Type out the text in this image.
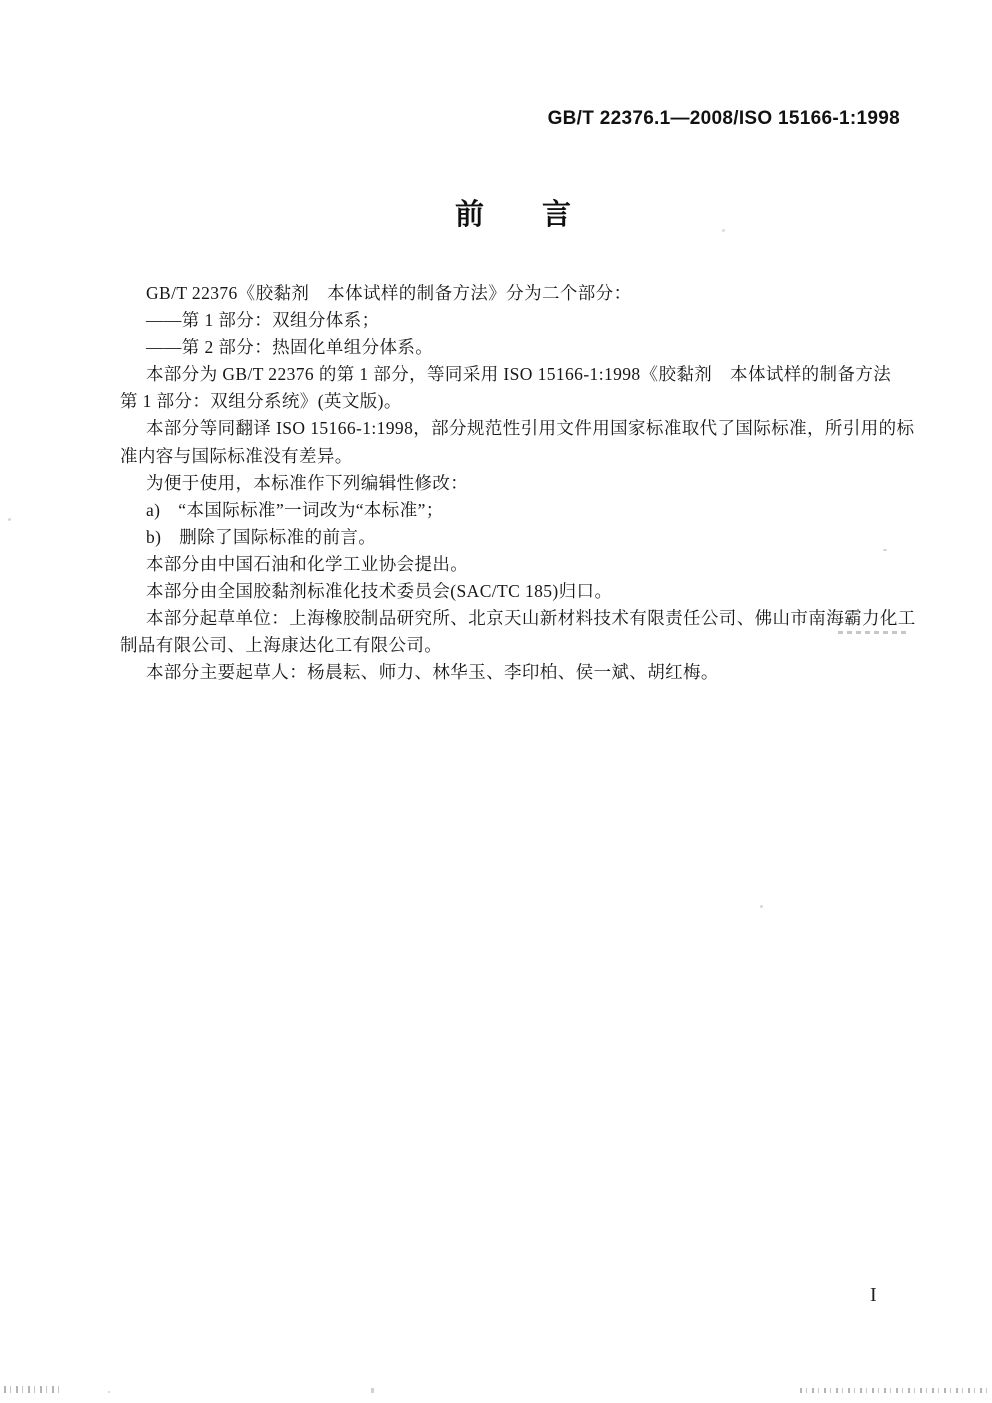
GB/T 22376.1—2008/ISO 15166-1:1998
前　　言
GB/T 22376《胶黏剂　本体试样的制备方法》分为二个部分：
——第 1 部分：双组分体系；
——第 2 部分：热固化单组分体系。
本部分为 GB/T 22376 的第 1 部分，等同采用 ISO 15166-1:1998《胶黏剂　本体试样的制备方法
第 1 部分：双组分系统》(英文版)。
本部分等同翻译 ISO 15166-1:1998，部分规范性引用文件用国家标准取代了国际标准，所引用的标
准内容与国际标准没有差异。
为便于使用，本标准作下列编辑性修改：
a)　“本国际标准”一词改为“本标准”；
b)　删除了国际标准的前言。
本部分由中国石油和化学工业协会提出。
本部分由全国胶黏剂标准化技术委员会(SAC/TC 185)归口。
本部分起草单位：上海橡胶制品研究所、北京天山新材料技术有限责任公司、佛山市南海霸力化工
制品有限公司、上海康达化工有限公司。
本部分主要起草人：杨晨耘、师力、林华玉、李印柏、侯一斌、胡红梅。
I
